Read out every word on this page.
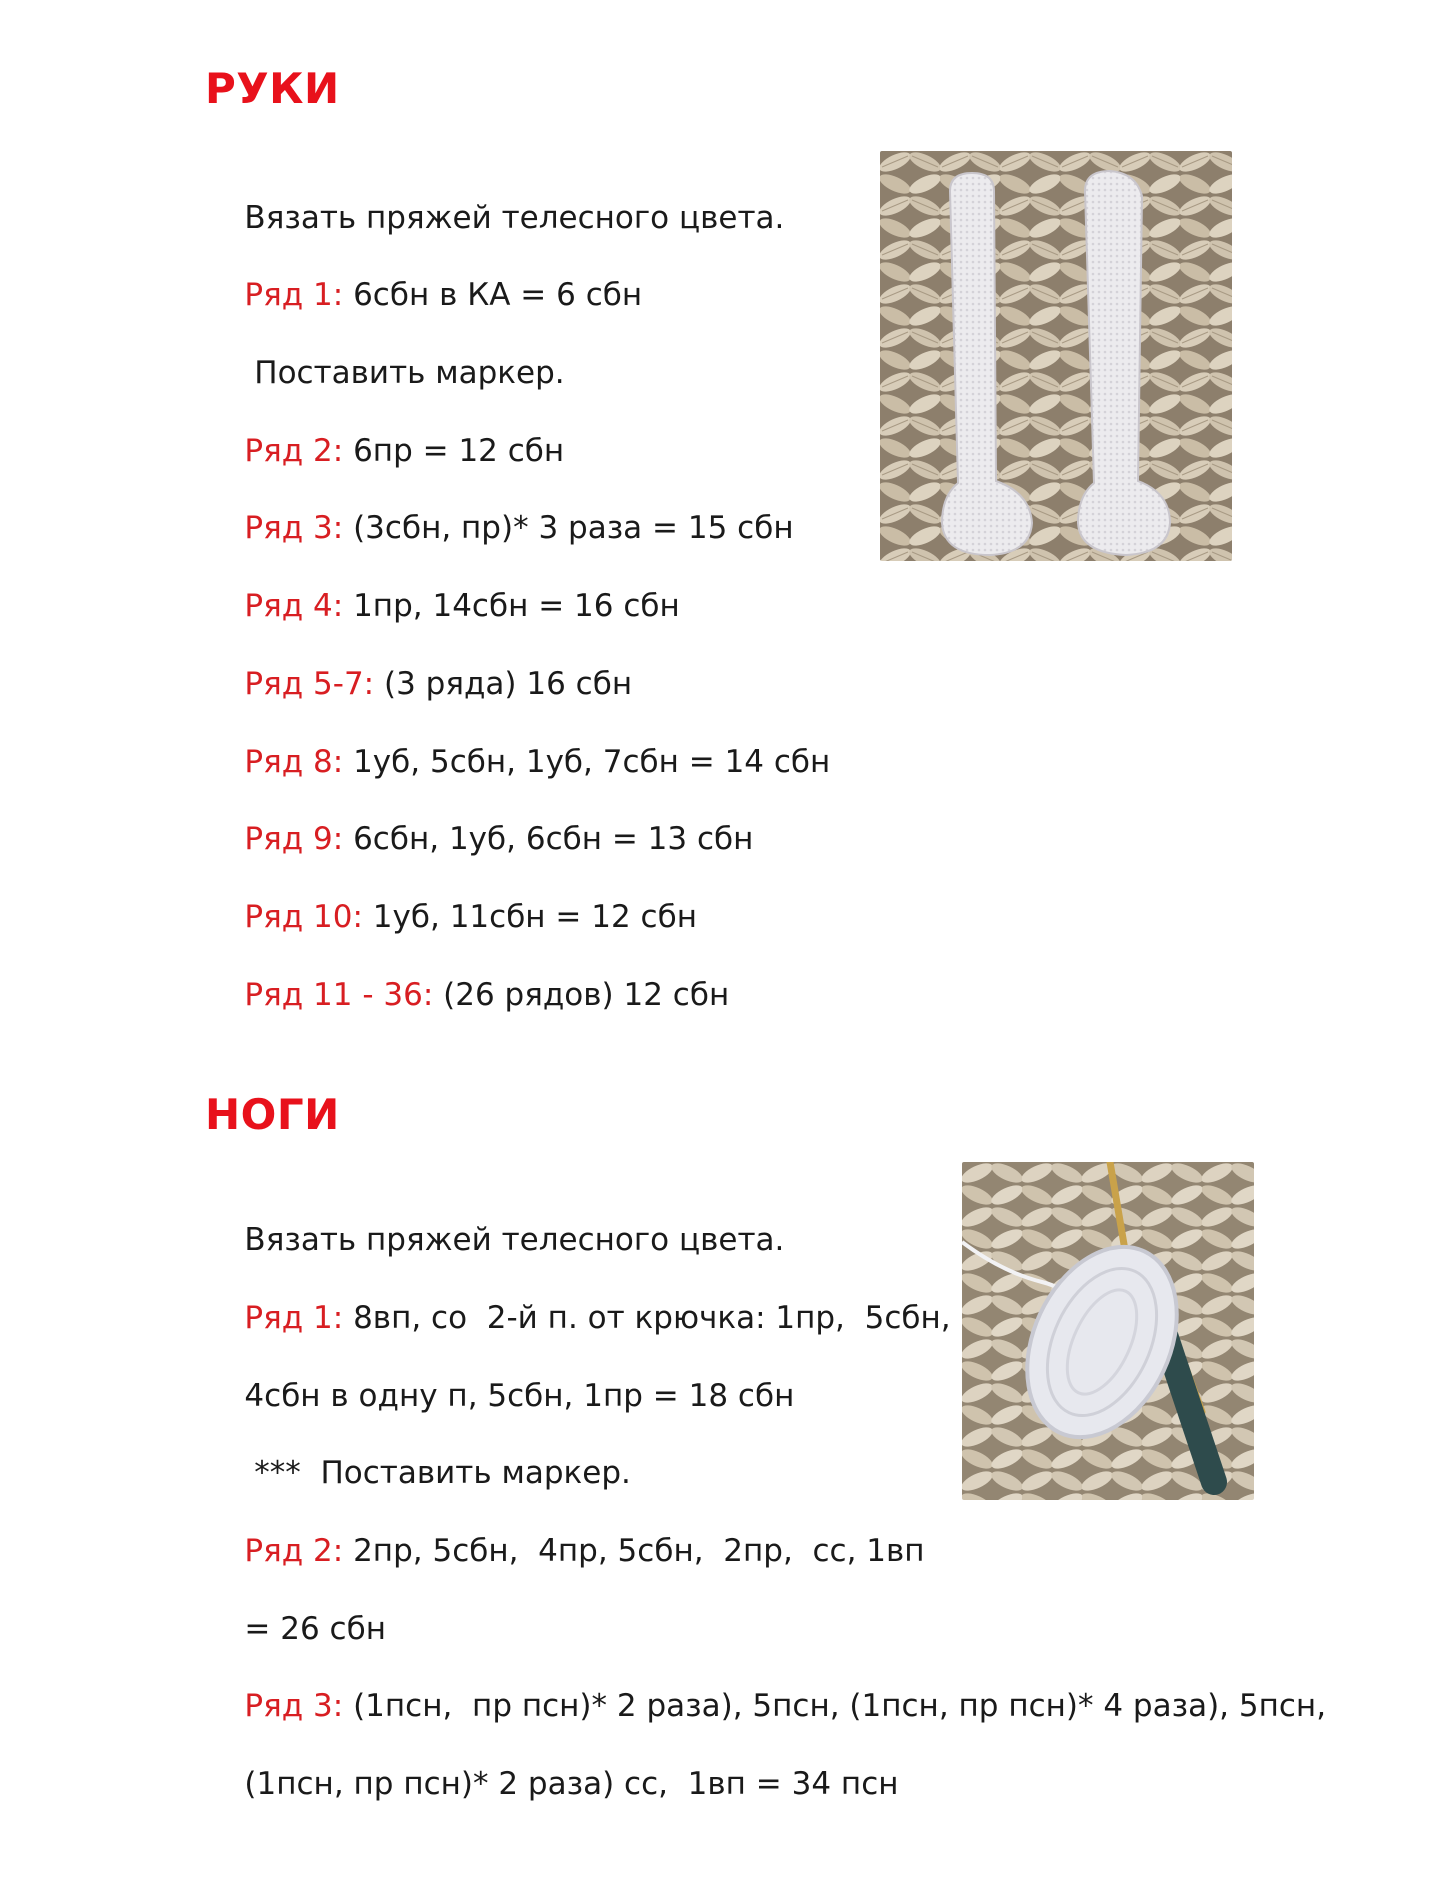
РУКИ

Вязать пряжей телесного цвета.

Ряд 1: 6сбн в КА = 6 сбн

Поставить маркер.

Ряд 2: 6пр = 12 сбн

Ряд 3: (3сбн, пр)* 3 раза = 15 сбн

Ряд 4: 1пр, 14сбн = 16 сбн

Ряд 5-7: (3 ряда) 16 сбн

Ряд 8: 1уб, 5сбн, 1уб, 7сбн = 14 сбн

Ряд 9: 6сбн, 1уб, 6сбн = 13 сбн

Ряд 10: 1уб, 11сбн = 12 сбн

Ряд 11 - 36: (26 рядов) 12 сбн

НОГИ

Вязать пряжей телесного цвета.

Ряд 1: 8вп, со  2-й п. от крючка: 1пр,  5сбн,

4сбн в одну п, 5сбн, 1пр = 18 сбн

***  Поставить маркер.

Ряд 2: 2пр, 5сбн,  4пр, 5сбн,  2пр,  сс, 1вп

= 26 сбн

Ряд 3: (1псн,  пр псн)* 2 раза), 5псн, (1псн, пр псн)* 4 раза), 5псн,

(1псн, пр псн)* 2 раза) сс,  1вп = 34 псн
